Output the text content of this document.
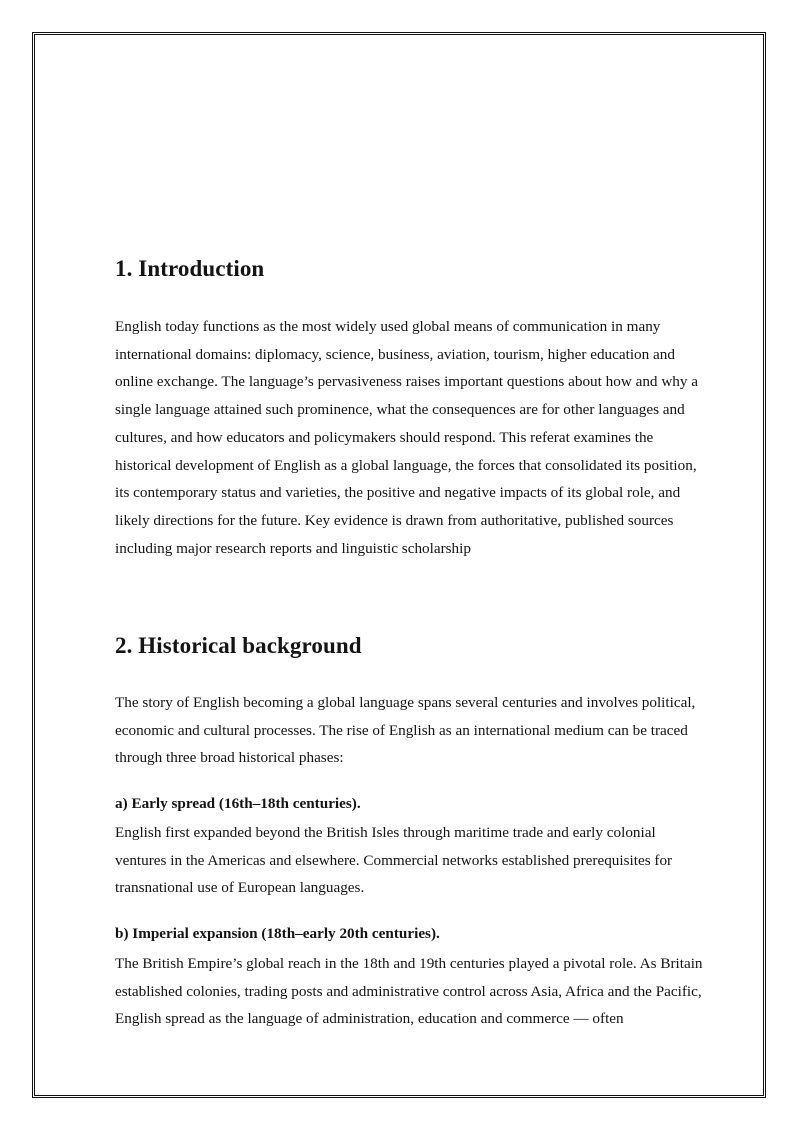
1. Introduction
English today functions as the most widely used global means of communication in many
international domains: diplomacy, science, business, aviation, tourism, higher education and
online exchange. The language’s pervasiveness raises important questions about how and why a
single language attained such prominence, what the consequences are for other languages and
cultures, and how educators and policymakers should respond. This referat examines the
historical development of English as a global language, the forces that consolidated its position,
its contemporary status and varieties, the positive and negative impacts of its global role, and
likely directions for the future. Key evidence is drawn from authoritative, published sources
including major research reports and linguistic scholarship
2. Historical background
The story of English becoming a global language spans several centuries and involves political,
economic and cultural processes. The rise of English as an international medium can be traced
through three broad historical phases:
a) Early spread (16th–18th centuries).
English first expanded beyond the British Isles through maritime trade and early colonial
ventures in the Americas and elsewhere. Commercial networks established prerequisites for
transnational use of European languages.
b) Imperial expansion (18th–early 20th centuries).
The British Empire’s global reach in the 18th and 19th centuries played a pivotal role. As Britain
established colonies, trading posts and administrative control across Asia, Africa and the Pacific,
English spread as the language of administration, education and commerce — often
